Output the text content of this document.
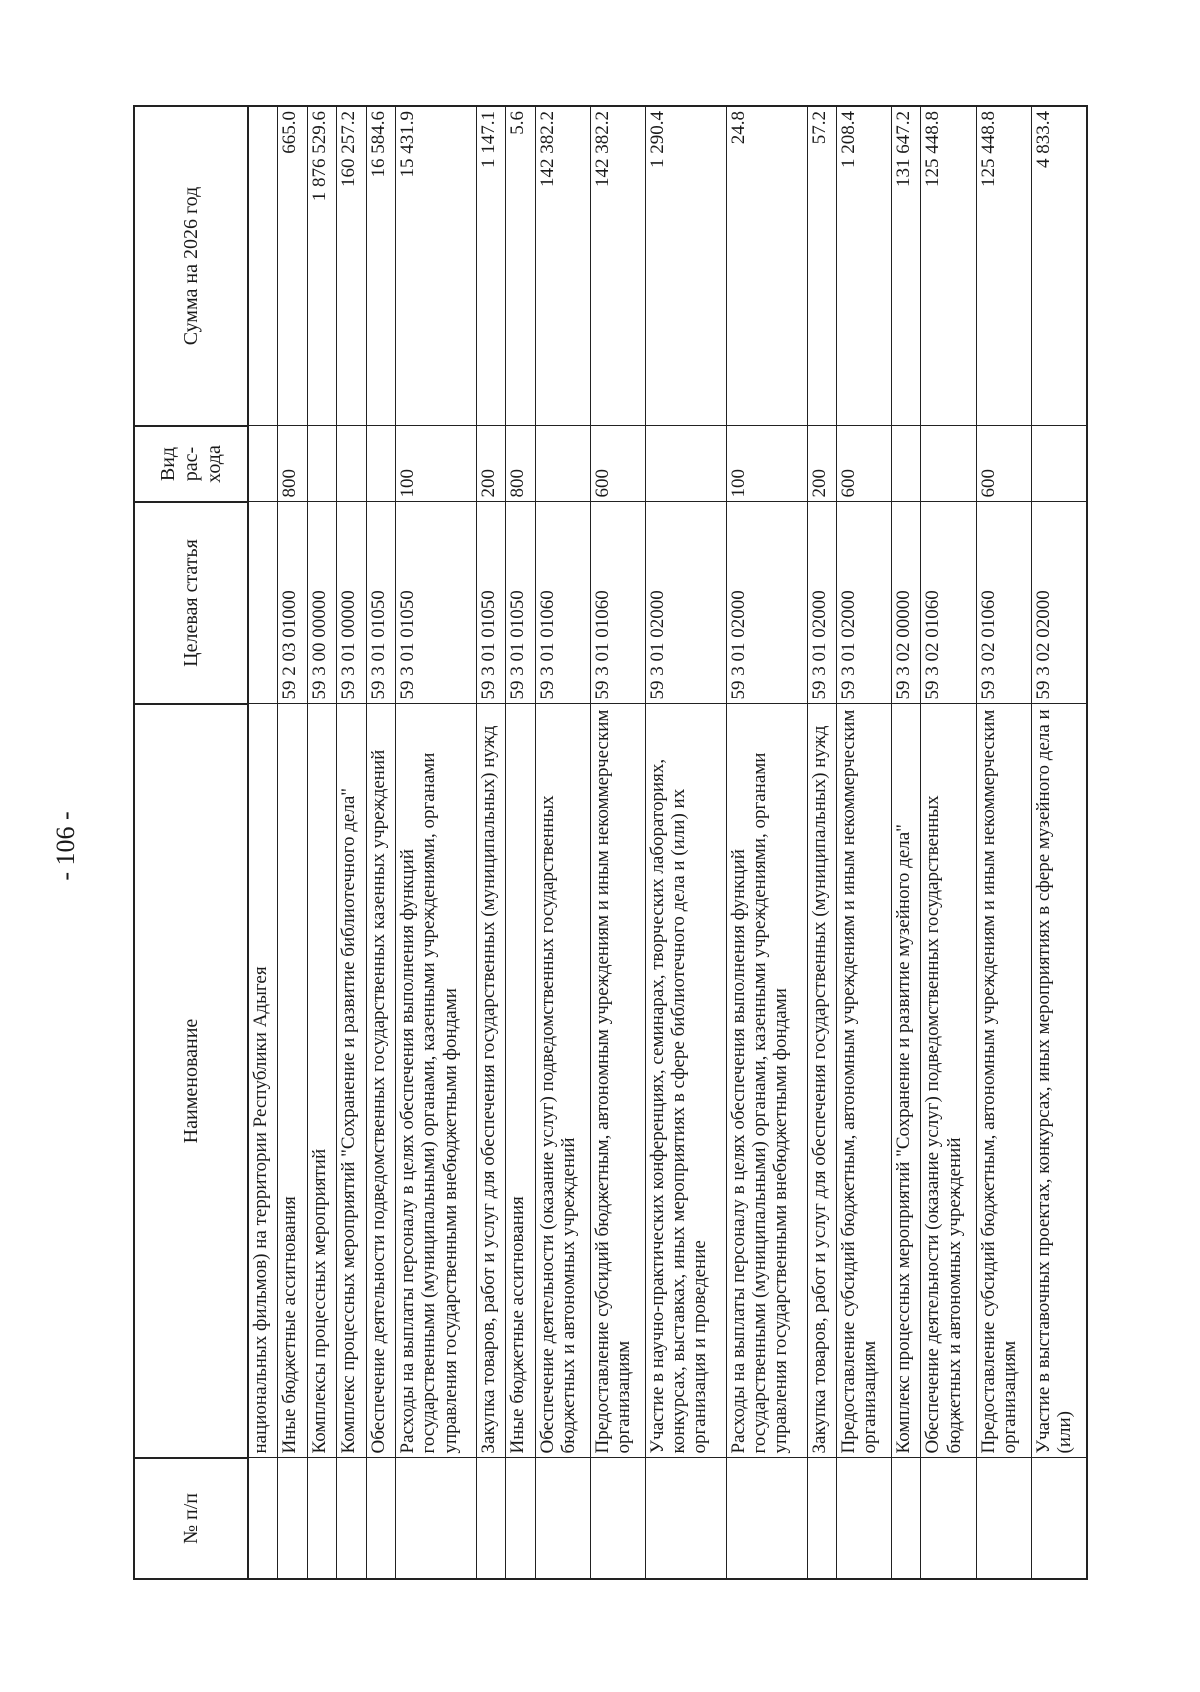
- 106 -
№ п/п	Наименование	Целевая статья	Вид рас- хода	Сумма на 2026 год
	национальных фильмов) на территории Республики Адыгея			
	Иные бюджетные ассигнования	59 2 03 01000	800	665.0
	Комплексы процессных мероприятий	59 3 00 00000		1 876 529.6
	Комплекс процессных мероприятий "Сохранение и развитие библиотечного дела"	59 3 01 00000		160 257.2
	Обеспечение деятельности подведомственных государственных казенных учреждений	59 3 01 01050		16 584.6
	Расходы на выплаты персоналу в целях обеспечения выполнения функций государственными (муниципальными) органами, казенными учреждениями, органами управления государственными внебюджетными фондами	59 3 01 01050	100	15 431.9
	Закупка товаров, работ и услуг для обеспечения государственных (муниципальных) нужд	59 3 01 01050	200	1 147.1
	Иные бюджетные ассигнования	59 3 01 01050	800	5.6
	Обеспечение деятельности (оказание услуг) подведомственных государственных бюджетных и автономных учреждений	59 3 01 01060		142 382.2
	Предоставление субсидий бюджетным, автономным учреждениям и иным некоммерческим организациям	59 3 01 01060	600	142 382.2
	Участие в научно-практических конференциях, семинарах, творческих лабораториях, конкурсах, выставках, иных мероприятиях в сфере библиотечного дела и (или) их организация и проведение	59 3 01 02000		1 290.4
	Расходы на выплаты персоналу в целях обеспечения выполнения функций государственными (муниципальными) органами, казенными учреждениями, органами управления государственными внебюджетными фондами	59 3 01 02000	100	24.8
	Закупка товаров, работ и услуг для обеспечения государственных (муниципальных) нужд	59 3 01 02000	200	57.2
	Предоставление субсидий бюджетным, автономным учреждениям и иным некоммерческим организациям	59 3 01 02000	600	1 208.4
	Комплекс процессных мероприятий "Сохранение и развитие музейного дела"	59 3 02 00000		131 647.2
	Обеспечение деятельности (оказание услуг) подведомственных государственных бюджетных и автономных учреждений	59 3 02 01060		125 448.8
	Предоставление субсидий бюджетным, автономным учреждениям и иным некоммерческим организациям	59 3 02 01060	600	125 448.8
	Участие в выставочных проектах, конкурсах, иных мероприятиях в сфере музейного дела и (или)	59 3 02 02000		4 833.4
